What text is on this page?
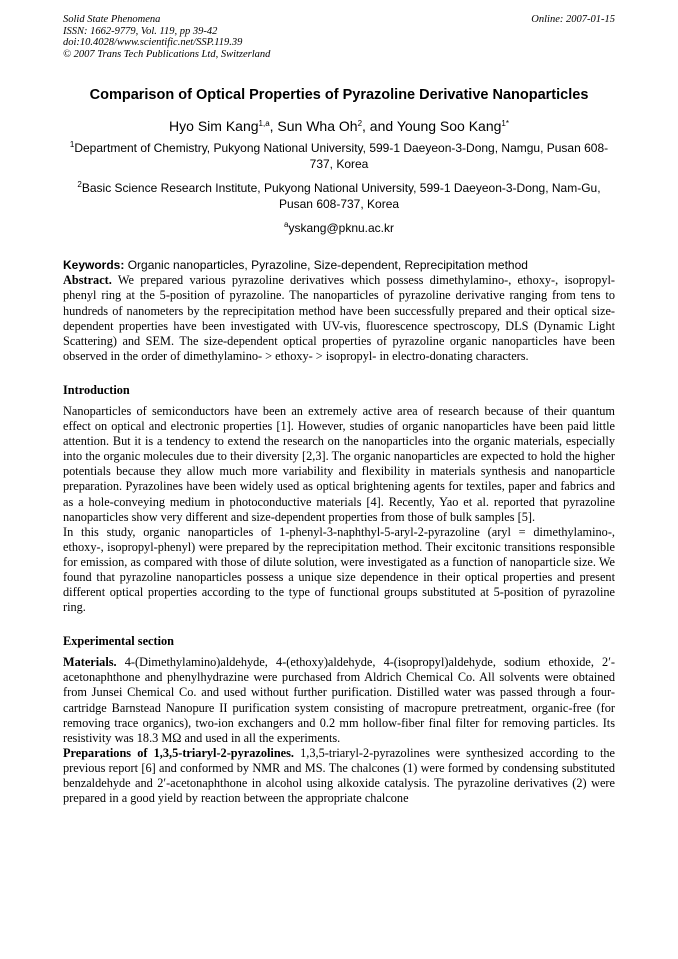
Solid State Phenomena	Online: 2007-01-15
ISSN: 1662-9779, Vol. 119, pp 39-42
doi:10.4028/www.scientific.net/SSP.119.39
© 2007 Trans Tech Publications Ltd, Switzerland
Comparison of Optical Properties of Pyrazoline Derivative Nanoparticles
Hyo Sim Kang$^{1,a}$, Sun Wha Oh$^2$, and Young Soo Kang$^{1*}$
$^1$Department of Chemistry, Pukyong National University, 599-1 Daeyeon-3-Dong, Namgu, Pusan 608-737, Korea
$^2$Basic Science Research Institute, Pukyong National University, 599-1 Daeyeon-3-Dong, Nam-Gu, Pusan 608-737, Korea
$^a$yskang@pknu.ac.kr
Keywords: Organic nanoparticles, Pyrazoline, Size-dependent, Reprecipitation method

Abstract. We prepared various pyrazoline derivatives which possess dimethylamino-, ethoxy-, isopropyl-phenyl ring at the 5-position of pyrazoline. The nanoparticles of pyrazoline derivative ranging from tens to hundreds of nanometers by the reprecipitation method have been successfully prepared and their optical size-dependent properties have been investigated with UV-vis, fluorescence spectroscopy, DLS (Dynamic Light Scattering) and SEM. The size-dependent optical properties of pyrazoline organic nanoparticles have been observed in the order of dimethylamino- > ethoxy- > isopropyl- in electro-donating characters.

Introduction

Nanoparticles of semiconductors have been an extremely active area of research because of their quantum effect on optical and electronic properties [1]. However, studies of organic nanoparticles have been paid little attention. But it is a tendency to extend the research on the nanoparticles into the organic materials, especially into the organic molecules due to their diversity [2,3]. The organic nanoparticles are expected to hold the higher potentials because they allow much more variability and flexibility in materials synthesis and nanoparticle preparation. Pyrazolines have been widely used as optical brightening agents for textiles, paper and fabrics and as a hole-conveying medium in photoconductive materials [4]. Recently, Yao et al. reported that pyrazoline nanoparticles show very different and size-dependent properties from those of bulk samples [5].

In this study, organic nanoparticles of 1-phenyl-3-naphthyl-5-aryl-2-pyrazoline (aryl = dimethylamino-, ethoxy-, isopropyl-phenyl) were prepared by the reprecipitation method. Their excitonic transitions responsible for emission, as compared with those of dilute solution, were investigated as a function of nanoparticle size. We found that pyrazoline nanoparticles possess a unique size dependence in their optical properties and present different optical properties according to the type of functional groups substituted at 5-position of pyrazoline ring.

Experimental section

Materials. 4-(Dimethylamino)aldehyde, 4-(ethoxy)aldehyde, 4-(isopropyl)aldehyde, sodium ethoxide, 2′-acetonaphthone and phenylhydrazine were purchased from Aldrich Chemical Co. All solvents were obtained from Junsei Chemical Co. and used without further purification. Distilled water was passed through a four-cartridge Barnstead Nanopure II purification system consisting of macropure pretreatment, organic-free (for removing trace organics), two-ion exchangers and 0.2 mm hollow-fiber final filter for removing particles. Its resistivity was 18.3 MΩ and used in all the experiments.

Preparations of 1,3,5-triaryl-2-pyrazolines. 1,3,5-triaryl-2-pyrazolines were synthesized according to the previous report [6] and conformed by NMR and MS. The chalcones (1) were formed by condensing substituted benzaldehyde and 2′-acetonaphthone in alcohol using alkoxide catalysis. The pyrazoline derivatives (2) were prepared in a good yield by reaction between the appropriate chalcone
